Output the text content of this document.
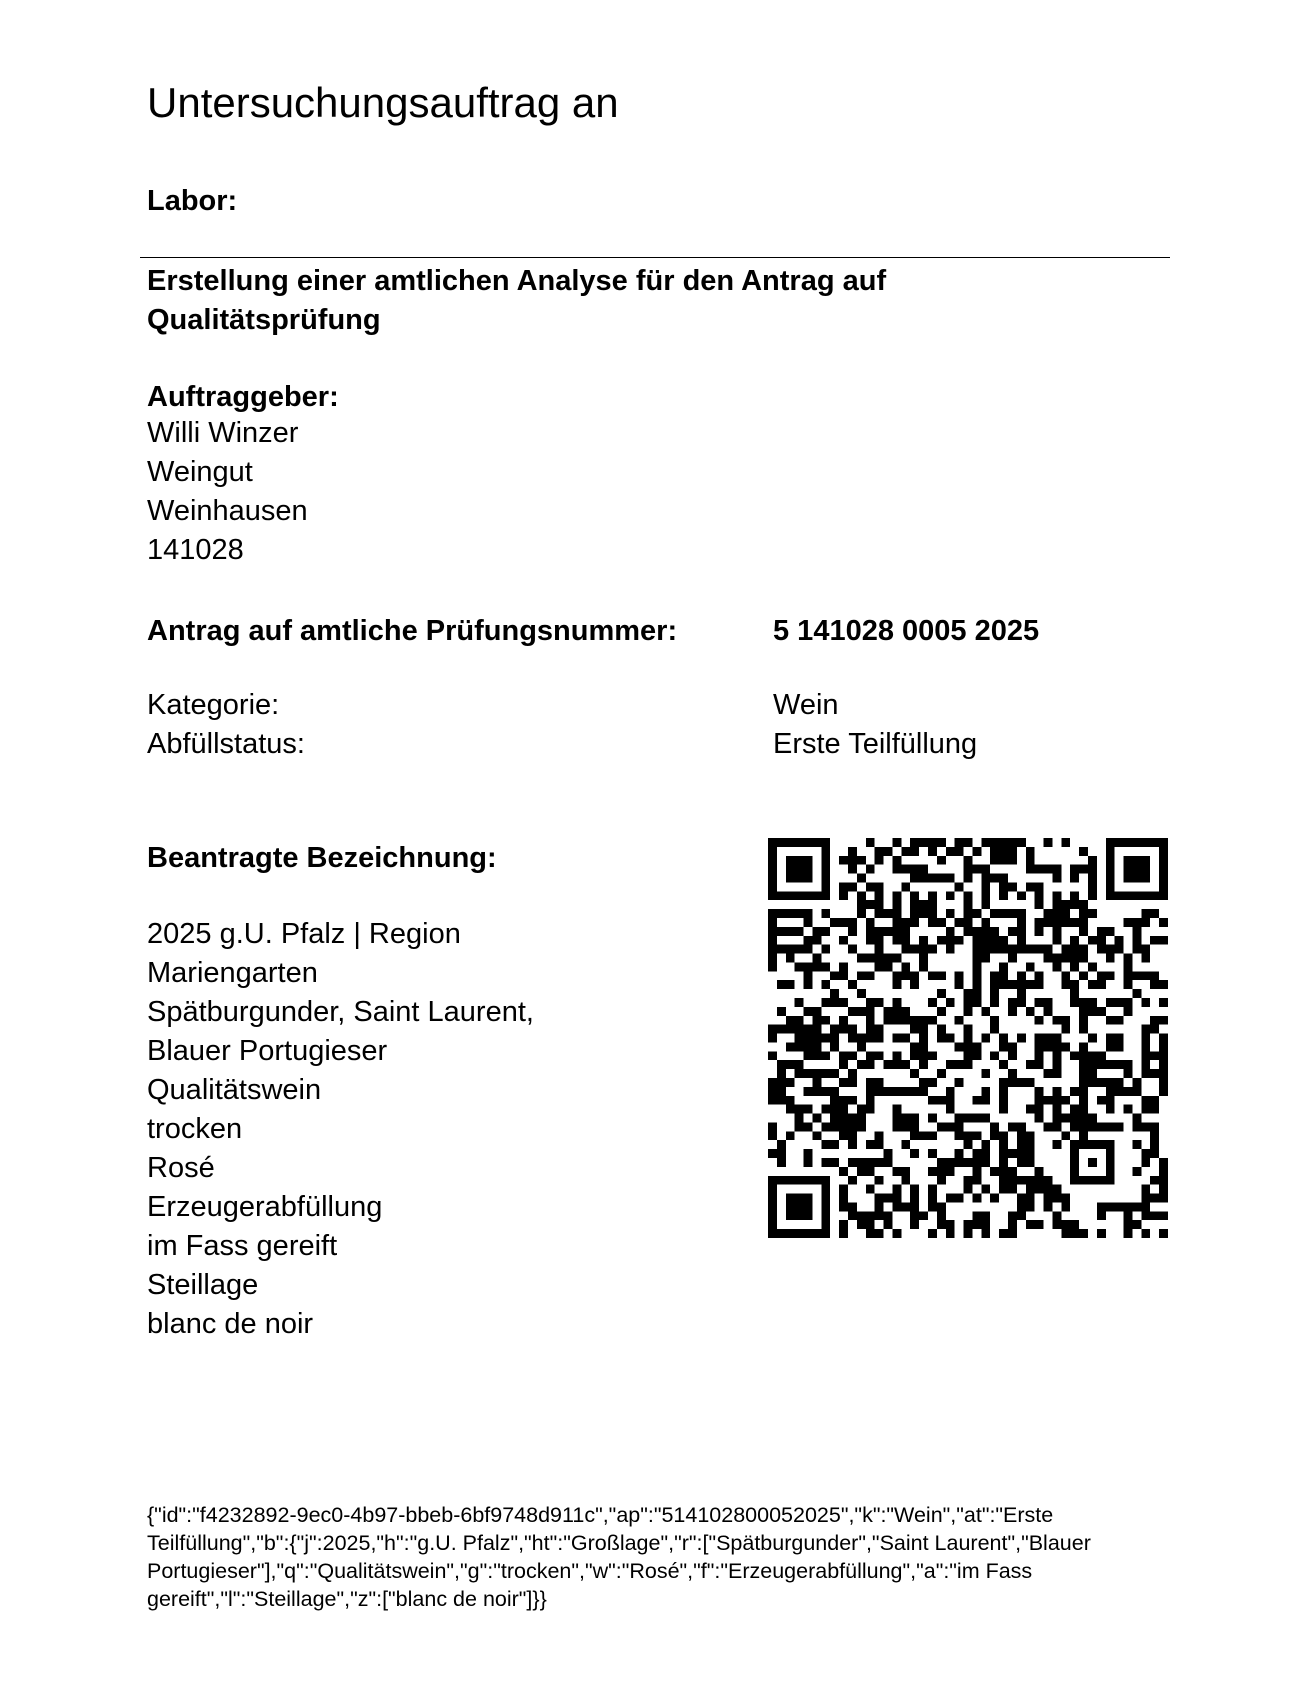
Untersuchungsauftrag an
Labor:
Erstellung einer amtlichen Analyse für den Antrag auf
Qualitätsprüfung
Auftraggeber:
Willi Winzer
Weingut
Weinhausen
141028
Antrag auf amtliche Prüfungsnummer:	5 141028 0005 2025
Kategorie:	Wein
Abfüllstatus:	Erste Teilfüllung
Beantragte Bezeichnung:
2025 g.U. Pfalz | Region
Mariengarten
Spätburgunder, Saint Laurent,
Blauer Portugieser
Qualitätswein
trocken
Rosé
Erzeugerabfüllung
im Fass gereift
Steillage
blanc de noir
{"id":"f4232892-9ec0-4b97-bbeb-6bf9748d911c","ap":"514102800052025","k":"Wein","at":"Erste
Teilfüllung","b":{"j":2025,"h":"g.U. Pfalz","ht":"Großlage","r":["Spätburgunder","Saint Laurent","Blauer
Portugieser"],"q":"Qualitätswein","g":"trocken","w":"Rosé","f":"Erzeugerabfüllung","a":"im Fass
gereift","l":"Steillage","z":["blanc de noir"]}}
